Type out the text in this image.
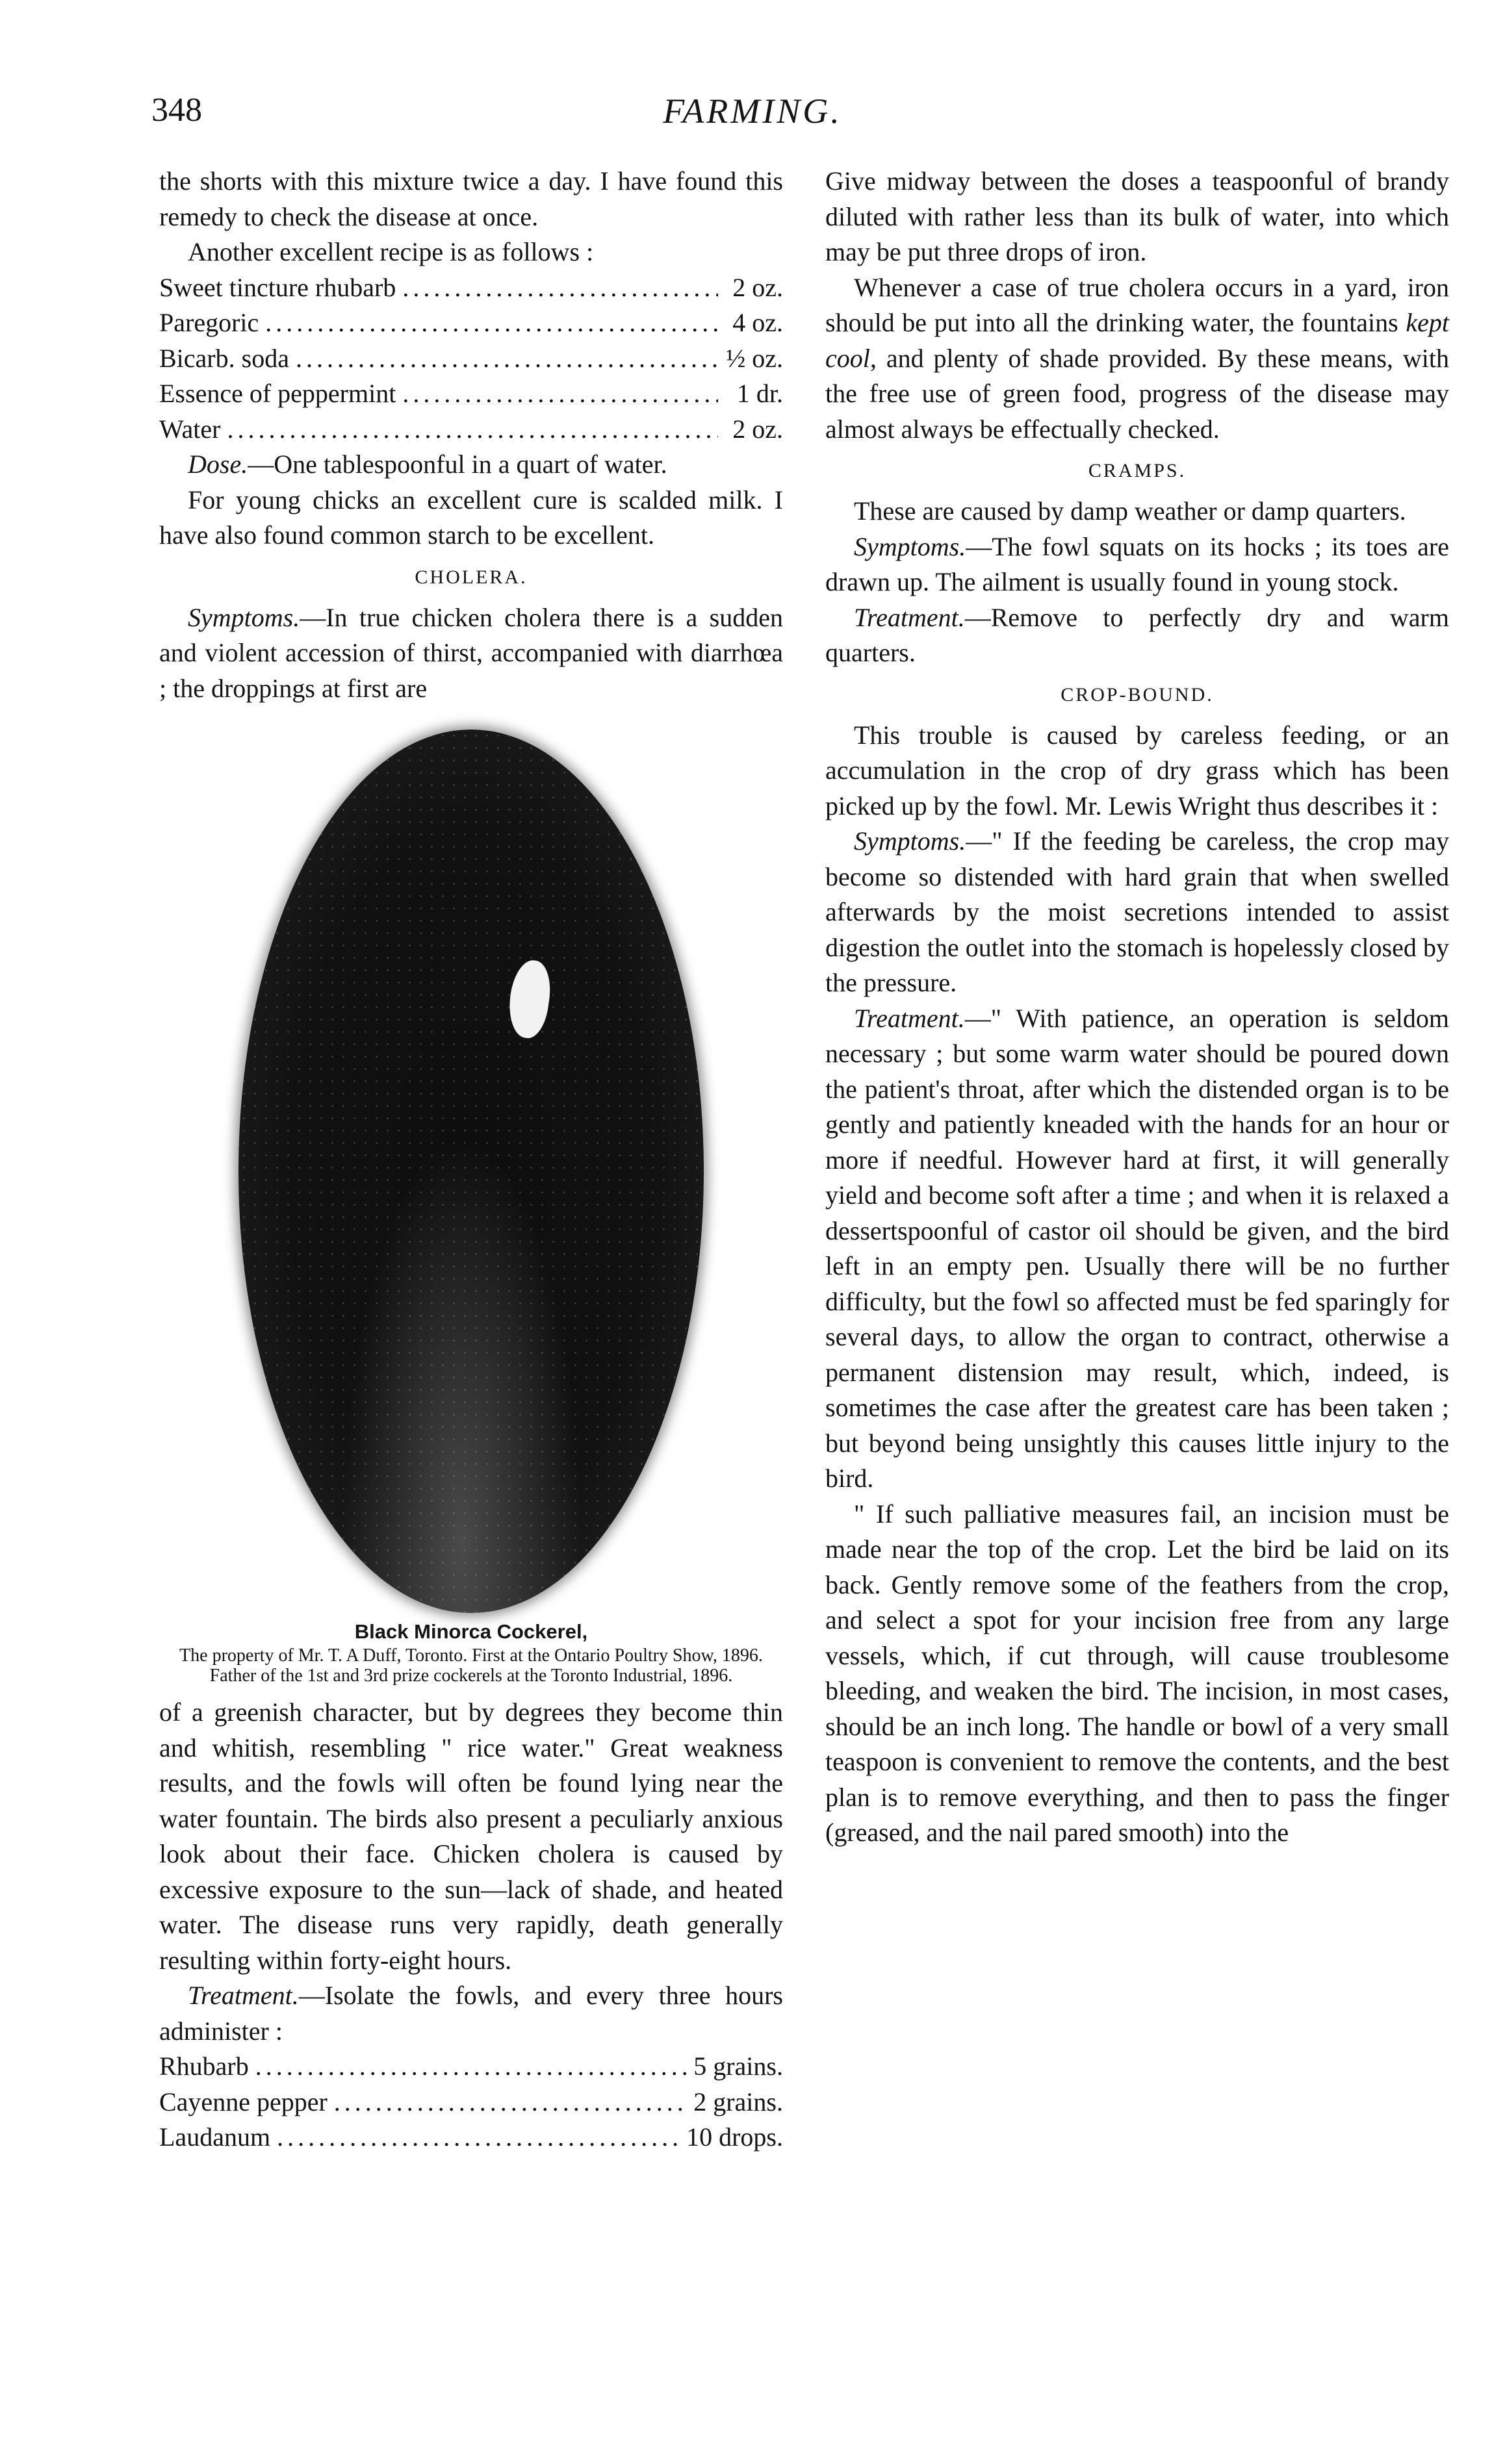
348	FARMING.

the shorts with this mixture twice a day. I have found this remedy to check the disease at once.

Another excellent recipe is as follows :

Sweet tincture rhubarb .....	2 oz.
Paregoric .....	4 oz.
Bicarb. soda .....	½ oz.
Essence of peppermint .....	1 dr.
Water .....	2 oz.

Dose.—One tablespoonful in a quart of water.

For young chicks an excellent cure is scalded milk. I have also found common starch to be excellent.

CHOLERA.

Symptoms.—In true chicken cholera there is a sudden and violent accession of thirst, accompanied with diarrhœa ; the droppings at first are

Black Minorca Cockerel,
The property of Mr. T. A Duff, Toronto. First at the Ontario Poultry Show, 1896. Father of the 1st and 3rd prize cockerels at the Toronto Industrial, 1896.

of a greenish character, but by degrees they become thin and whitish, resembling " rice water." Great weakness results, and the fowls will often be found lying near the water fountain. The birds also present a peculiarly anxious look about their face. Chicken cholera is caused by excessive exposure to the sun—lack of shade, and heated water. The disease runs very rapidly, death generally resulting within forty-eight hours.

Treatment.—Isolate the fowls, and every three hours administer :

Rhubarb .....	5 grains.
Cayenne pepper .....	2 grains.
Laudanum .....	10 drops.

Give midway between the doses a teaspoonful of brandy diluted with rather less than its bulk of water, into which may be put three drops of iron.

Whenever a case of true cholera occurs in a yard, iron should be put into all the drinking water, the fountains kept cool, and plenty of shade provided. By these means, with the free use of green food, progress of the disease may almost always be effectually checked.

CRAMPS.

These are caused by damp weather or damp quarters.

Symptoms.—The fowl squats on its hocks ; its toes are drawn up. The ailment is usually found in young stock.

Treatment.—Remove to perfectly dry and warm quarters.

CROP-BOUND.

This trouble is caused by careless feeding, or an accumulation in the crop of dry grass which has been picked up by the fowl. Mr. Lewis Wright thus describes it :

Symptoms.—" If the feeding be careless, the crop may become so distended with hard grain that when swelled afterwards by the moist secretions intended to assist digestion the outlet into the stomach is hopelessly closed by the pressure.

Treatment.—" With patience, an operation is seldom necessary ; but some warm water should be poured down the patient's throat, after which the distended organ is to be gently and patiently kneaded with the hands for an hour or more if needful. However hard at first, it will generally yield and become soft after a time ; and when it is relaxed a dessertspoonful of castor oil should be given, and the bird left in an empty pen. Usually there will be no further difficulty, but the fowl so affected must be fed sparingly for several days, to allow the organ to contract, otherwise a permanent distension may result, which, indeed, is sometimes the case after the greatest care has been taken ; but beyond being unsightly this causes little injury to the bird.

" If such palliative measures fail, an incision must be made near the top of the crop. Let the bird be laid on its back. Gently remove some of the feathers from the crop, and select a spot for your incision free from any large vessels, which, if cut through, will cause troublesome bleeding, and weaken the bird. The incision, in most cases, should be an inch long. The handle or bowl of a very small teaspoon is convenient to remove the contents, and the best plan is to remove everything, and then to pass the finger (greased, and the nail pared smooth) into the
